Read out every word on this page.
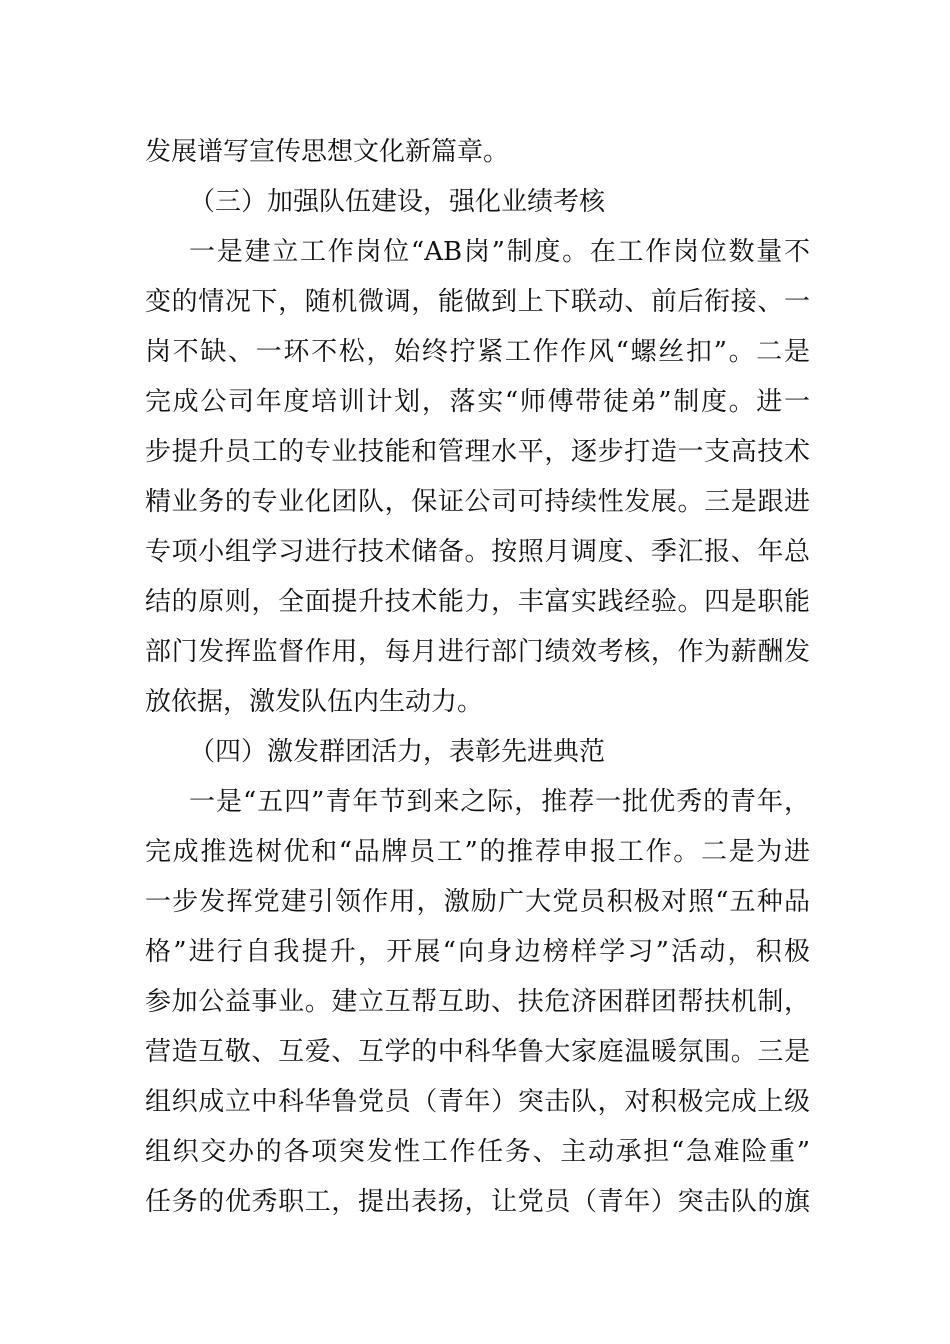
发展谱写宣传思想文化新篇章。
（三）加强队伍建设，强化业绩考核
一是建立工作岗位“AB岗”制度。在工作岗位数量不
变的情况下，随机微调，能做到上下联动、前后衔接、一
岗不缺、一环不松，始终拧紧工作作风“螺丝扣”。二是
完成公司年度培训计划，落实“师傅带徒弟”制度。进一
步提升员工的专业技能和管理水平，逐步打造一支高技术
精业务的专业化团队，保证公司可持续性发展。三是跟进
专项小组学习进行技术储备。按照月调度、季汇报、年总
结的原则，全面提升技术能力，丰富实践经验。四是职能
部门发挥监督作用，每月进行部门绩效考核，作为薪酬发
放依据，激发队伍内生动力。
（四）激发群团活力，表彰先进典范
一是“五四”青年节到来之际，推荐一批优秀的青年，
完成推选树优和“品牌员工”的推荐申报工作。二是为进
一步发挥党建引领作用，激励广大党员积极对照“五种品
格”进行自我提升，开展“向身边榜样学习”活动，积极
参加公益事业。建立互帮互助、扶危济困群团帮扶机制，
营造互敬、互爱、互学的中科华鲁大家庭温暖氛围。三是
组织成立中科华鲁党员（青年）突击队，对积极完成上级
组织交办的各项突发性工作任务、主动承担“急难险重”
任务的优秀职工，提出表扬，让党员（青年）突击队的旗
